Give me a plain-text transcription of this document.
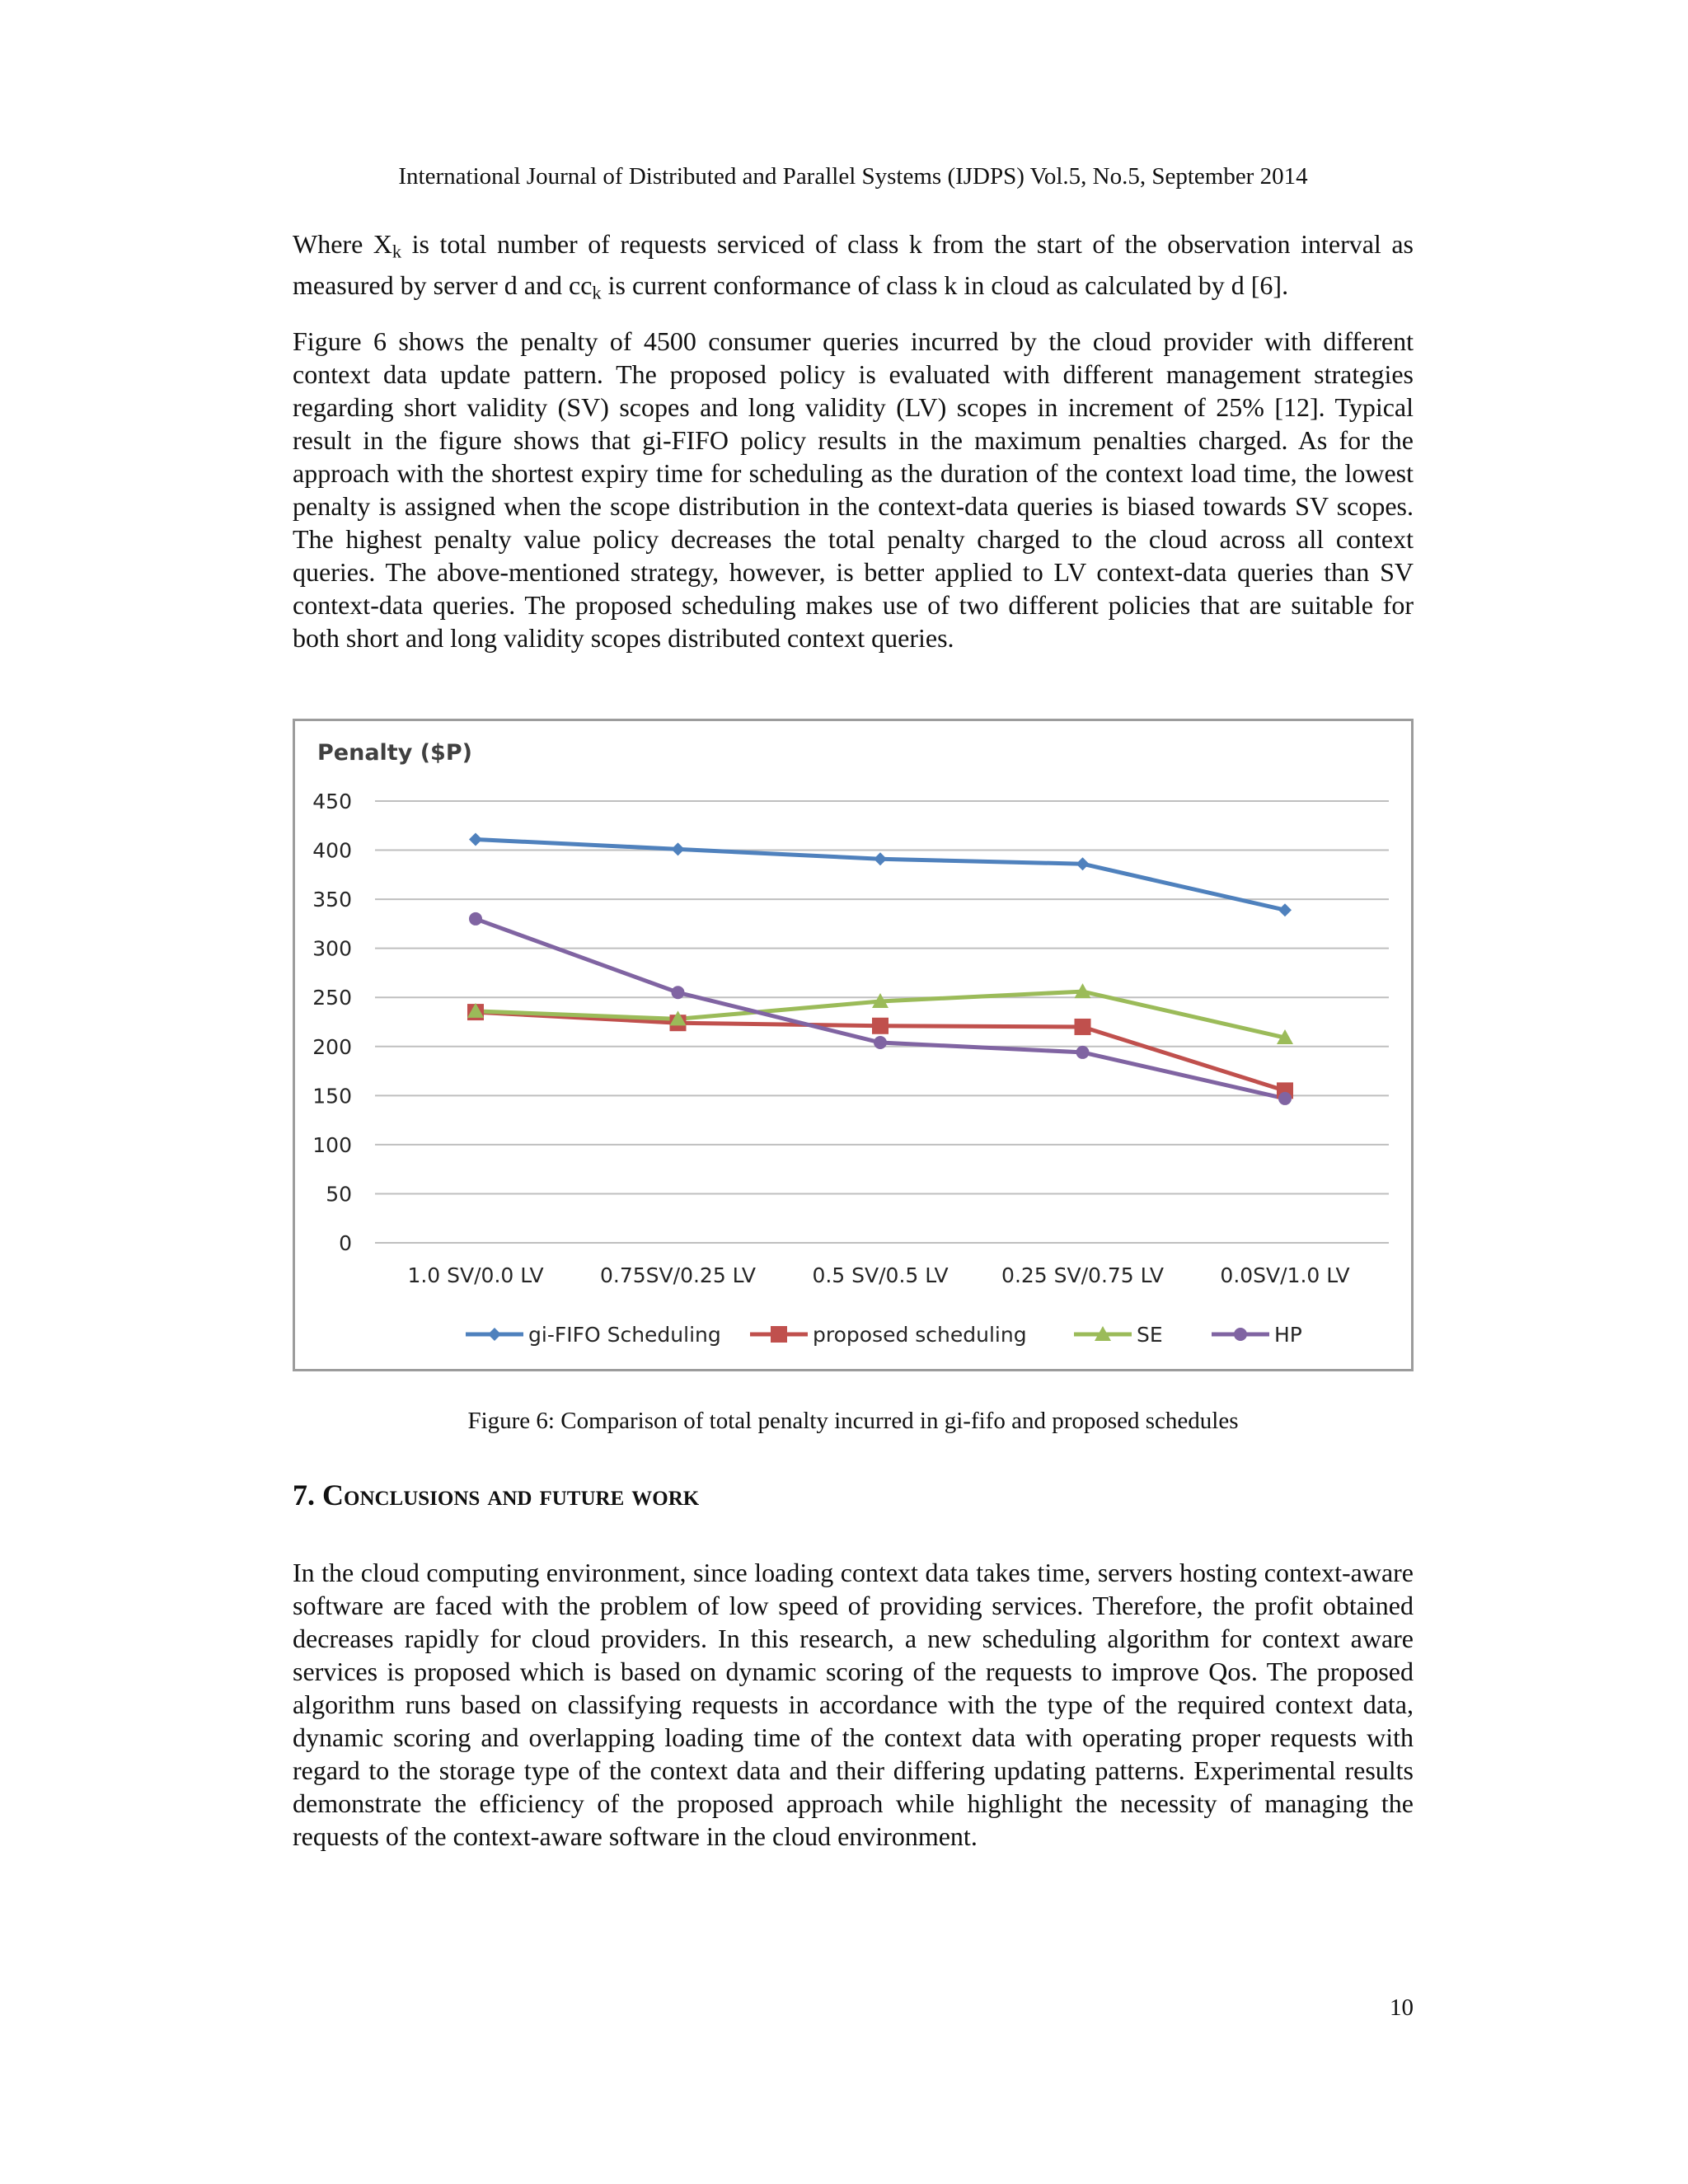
International Journal of Distributed and Parallel Systems (IJDPS) Vol.5, No.5, September 2014

Where $X_k$ is total number of requests serviced of class k from the start of the observation interval as measured by server d and $cc_k$ is current conformance of class k in cloud as calculated by d [6].

Figure 6 shows the penalty of 4500 consumer queries incurred by the cloud provider with different context data update pattern. The proposed policy is evaluated with different management strategies regarding short validity (SV) scopes and long validity (LV) scopes in increment of 25% [12]. Typical result in the figure shows that gi-FIFO policy results in the maximum penalties charged. As for the approach with the shortest expiry time for scheduling as the duration of the context load time, the lowest penalty is assigned when the scope distribution in the context-data queries is biased towards SV scopes. The highest penalty value policy decreases the total penalty charged to the cloud across all context queries. The above-mentioned strategy, however, is better applied to LV context-data queries than SV context-data queries. The proposed scheduling makes use of two different policies that are suitable for both short and long validity scopes distributed context queries.

Penalty ($P)
0
50
100
150
200
250
300
350
400
450
1.0 SV/0.0 LV	0.75SV/0.25 LV	0.5 SV/0.5 LV	0.25 SV/0.75 LV	0.0SV/1.0 LV
gi-FIFO Scheduling	proposed scheduling	SE	HP

Figure 6: Comparison of total penalty incurred in gi-fifo and proposed schedules

7. Conclusions and future work

In the cloud computing environment, since loading context data takes time, servers hosting context-aware software are faced with the problem of low speed of providing services. Therefore, the profit obtained decreases rapidly for cloud providers. In this research, a new scheduling algorithm for context aware services is proposed which is based on dynamic scoring of the requests to improve Qos. The proposed algorithm runs based on classifying requests in accordance with the type of the required context data, dynamic scoring and overlapping loading time of the context data with operating proper requests with regard to the storage type of the context data and their differing updating patterns. Experimental results demonstrate the efficiency of the proposed approach while highlight the necessity of managing the requests of the context-aware software in the cloud environment.

10
